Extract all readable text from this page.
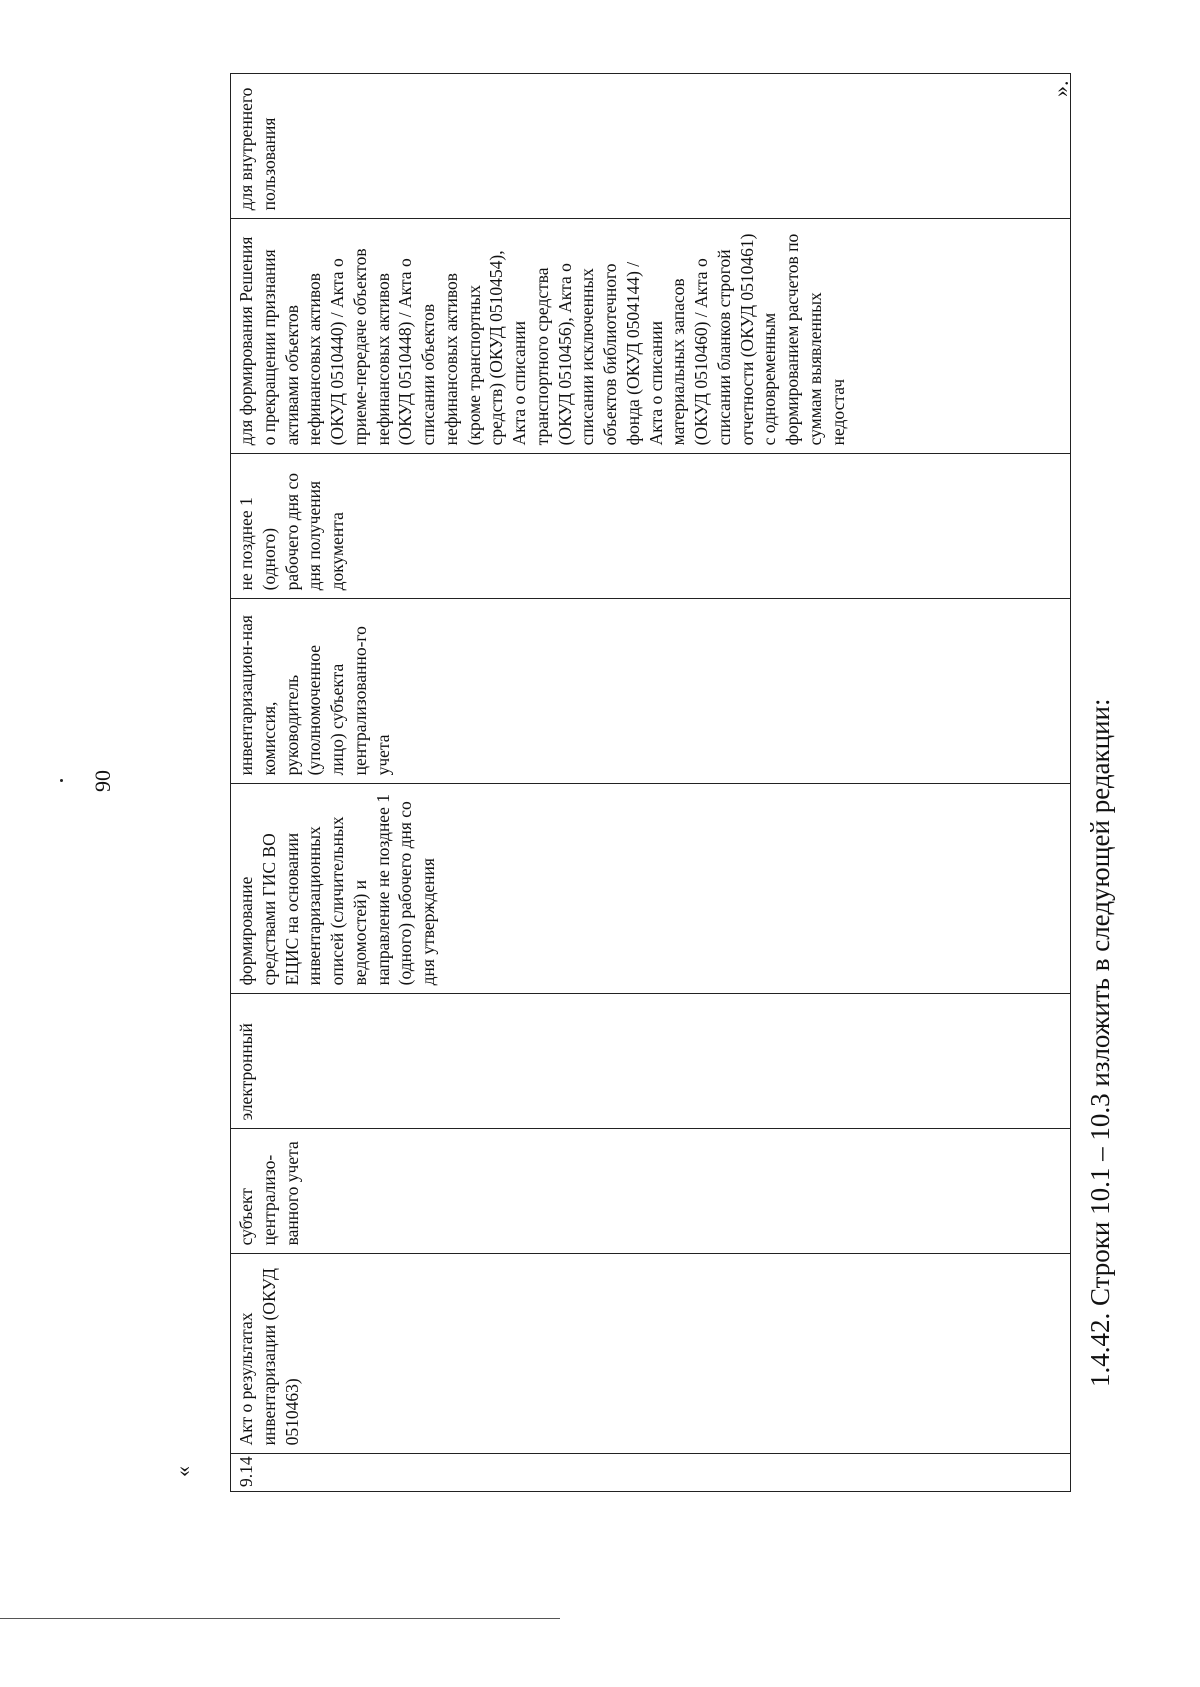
90
« 9.14	Акт о результатах инвентаризации (ОКУД 0510463)	субъект централизо-ванного учета	электронный	формирование средствами ГИС ВО ЕЦИС на основании инвентаризационных описей (сличительных ведомостей) и направление не позднее 1 (одного) рабочего дня со дня утверждения	инвентаризацион-ная комиссия, руководитель (уполномоченное лицо) субъекта централизованно-го учета	не позднее 1 (одного) рабочего дня со дня получения документа	для формирования Решения о прекращении признания активами объектов нефинансовых активов (ОКУД 0510440) / Акта о приеме-передаче объектов нефинансовых активов (ОКУД 0510448) / Акта о списании объектов нефинансовых активов (кроме транспортных средств) (ОКУД 0510454), Акта о списании транспортного средства (ОКУД 0510456), Акта о списании исключенных объектов библиотечного фонда (ОКУД 0504144) / Акта о списании материальных запасов (ОКУД 0510460) / Акта о списании бланков строгой отчетности (ОКУД 0510461) с одновременным формированием расчетов по суммам выявленных недостач	для внутреннего пользования
».
1.4.42. Строки 10.1 – 10.3 изложить в следующей редакции:
